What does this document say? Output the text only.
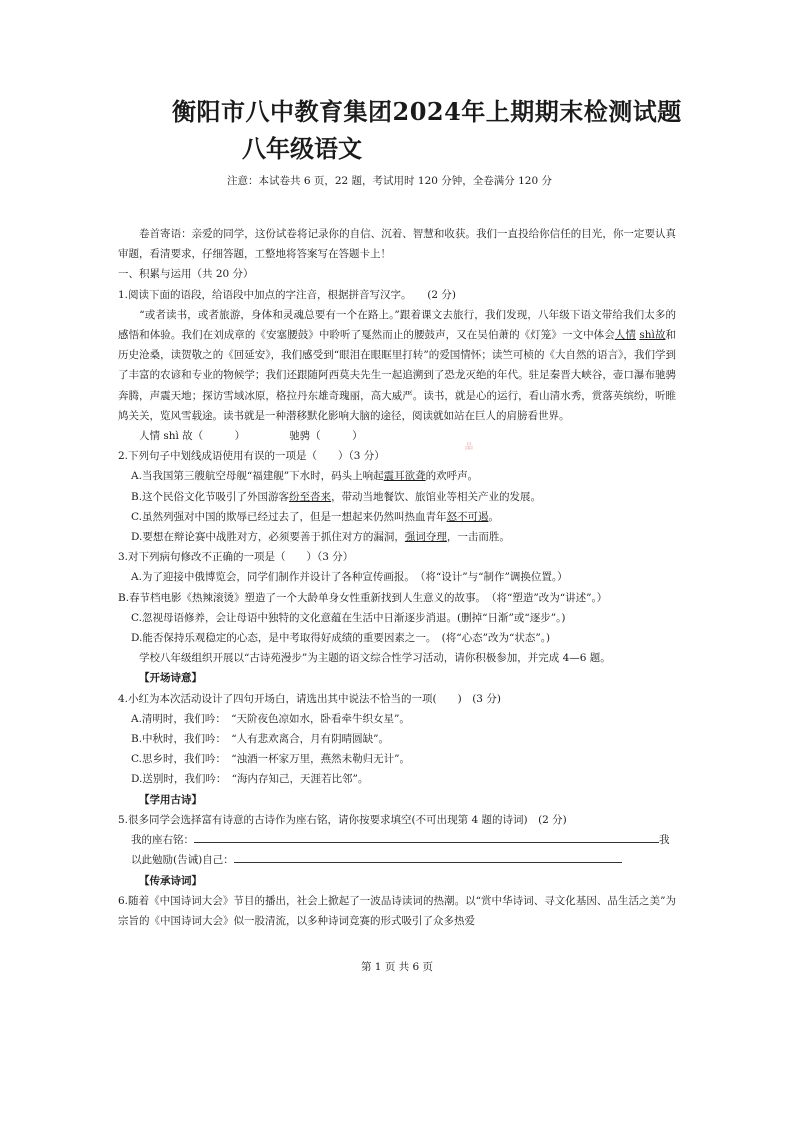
衡阳市八中教育集团2024年上期期末检测试题
八年级语文
注意：本试卷共 6 页，22 题，考试用时 120 分钟，全卷满分 120 分
品

卷首寄语：亲爱的同学，这份试卷将记录你的自信、沉着、智慧和收获。我们一直投给你信任的目光，你一定要认真审题，看清要求，仔细答题，工整地将答案写在答题卡上！

一、积累与运用（共 20 分）

1.阅读下面的语段，给语段中加点的字注音，根据拼音写汉字。　　(2 分)

　　“或者读书，或者旅游，身体和灵魂总要有一个在路上。”跟着课文去旅行，我们发现，八年级下语文带给我们太多的感悟和体验。我们在刘成章的《安塞腰鼓》中聆听了戛然而止的腰鼓声，又在吴伯萧的《灯笼》一文中体会人情 shì故和历史沧桑，读贺敬之的《回延安》，我们感受到“眼泪在眼眶里打转”的爱国情怀；读竺可桢的《大自然的语言》，我们学到了丰富的农谚和专业的物候学；我们还跟随阿西莫夫先生一起追溯到了恐龙灭绝的年代。驻足秦晋大峡谷，壶口瀑布驰骋奔腾，声震天地；探访雪域冰原，格拉丹东雄奇瑰丽，高大威严。读书，就是心的运行，看山清水秀，赏落英缤纷，听睢鸠关关，览风雪载途。读书就是一种潜移默化影响大脑的途径，阅读就如站在巨人的肩膀看世界。

人情 shì 故（　　　）	驰骋（　　　）

2.下列句子中划线成语使用有误的一项是（　　）（3 分）

A.当我国第三艘航空母舰“福建舰”下水时，码头上响起震耳欲聋的欢呼声。

B.这个民俗文化节吸引了外国游客纷至沓来，带动当地餐饮、旅馆业等相关产业的发展。

C.虽然列强对中国的欺辱已经过去了，但是一想起来仍然叫热血青年怒不可遏。

D.要想在辩论赛中战胜对方，必须要善于抓住对方的漏洞，强词夺理，一击而胜。

3.对下列病句修改不正确的一项是（　　）（3 分）

A.为了迎接中俄博览会，同学们制作并设计了各种宣传画报。　（将“设计”与“制作”调换位置。）

B.春节档电影《热辣滚烫》塑造了一个大龄单身女性重新找到人生意义的故事。　（将“塑造”改为“讲述”。）

C.忽视母语修养，会让母语中独特的文化意蕴在生活中日渐逐步消退。(删掉“日渐”或“逐步”。)

D.能否保持乐观稳定的心态，是中考取得好成绩的重要因素之一。　(将“心态”改为“状态”。)

学校八年级组织开展以“古诗苑漫步”为主题的语文综合性学习活动，请你积极参加，并完成 4—6 题。

【开场诗意】

4.小红为本次活动设计了四句开场白，请选出其中说法不恰当的一项(　　)　(3 分)

A.清明时，我们吟：　“天阶夜色凉如水，卧看牵牛织女星”。

B.中秋时，我们吟：　“人有悲欢离合，月有阴晴圆缺”。

C.思乡时，我们吟：　“浊酒一杯家万里，燕然未勒归无计”。

D.送别时，我们吟：　“海内存知己，天涯若比邻”。

【学用古诗】

5.很多同学会选择富有诗意的古诗作为座右铭，请你按要求填空(不可出现第 4 题的诗词)　(2 分)

我的座右铭：	我

以此勉励(告诫)自己：

【传承诗词】

6.随着《中国诗词大会》节目的播出，社会上掀起了一波品诗读词的热潮。以“赏中华诗词、寻文化基因、品生活之美”为宗旨的《中国诗词大会》似一股清流，以多种诗词竞赛的形式吸引了众多热爱

第 1 页 共 6 页
